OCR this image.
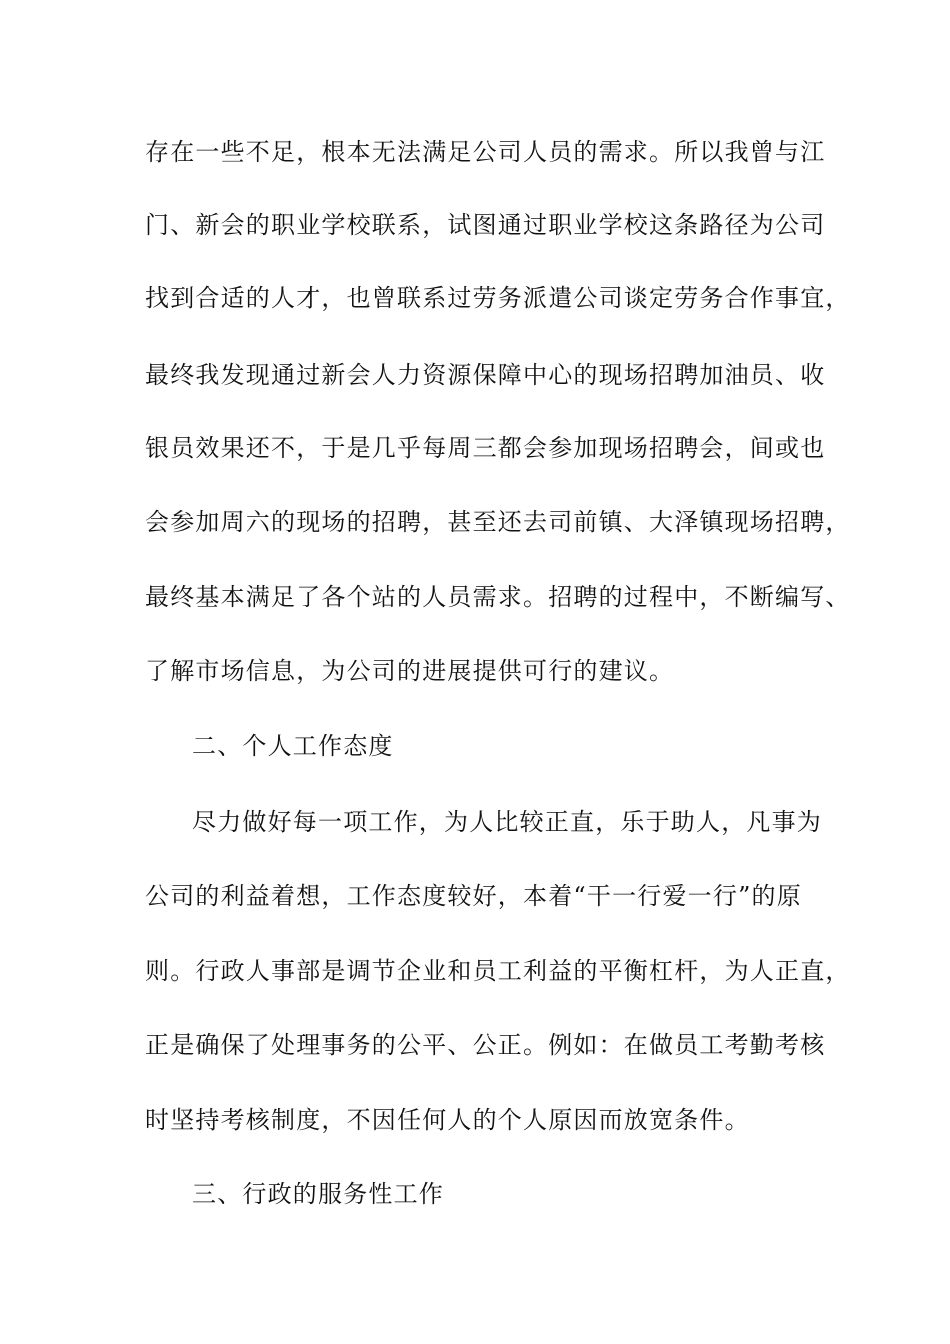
存在一些不足，根本无法满足公司人员的需求。所以我曾与江
门、新会的职业学校联系，试图通过职业学校这条路径为公司
找到合适的人才，也曾联系过劳务派遣公司谈定劳务合作事宜，
最终我发现通过新会人力资源保障中心的现场招聘加油员、收
银员效果还不，于是几乎每周三都会参加现场招聘会，间或也
会参加周六的现场的招聘，甚至还去司前镇、大泽镇现场招聘，
最终基本满足了各个站的人员需求。招聘的过程中，不断编写、
了解市场信息，为公司的进展提供可行的建议。
二、个人工作态度
尽力做好每一项工作，为人比较正直，乐于助人，凡事为
公司的利益着想，工作态度较好，本着“干一行爱一行”的原
则。行政人事部是调节企业和员工利益的平衡杠杆，为人正直，
正是确保了处理事务的公平、公正。例如：在做员工考勤考核
时坚持考核制度，不因任何人的个人原因而放宽条件。
三、行政的服务性工作
